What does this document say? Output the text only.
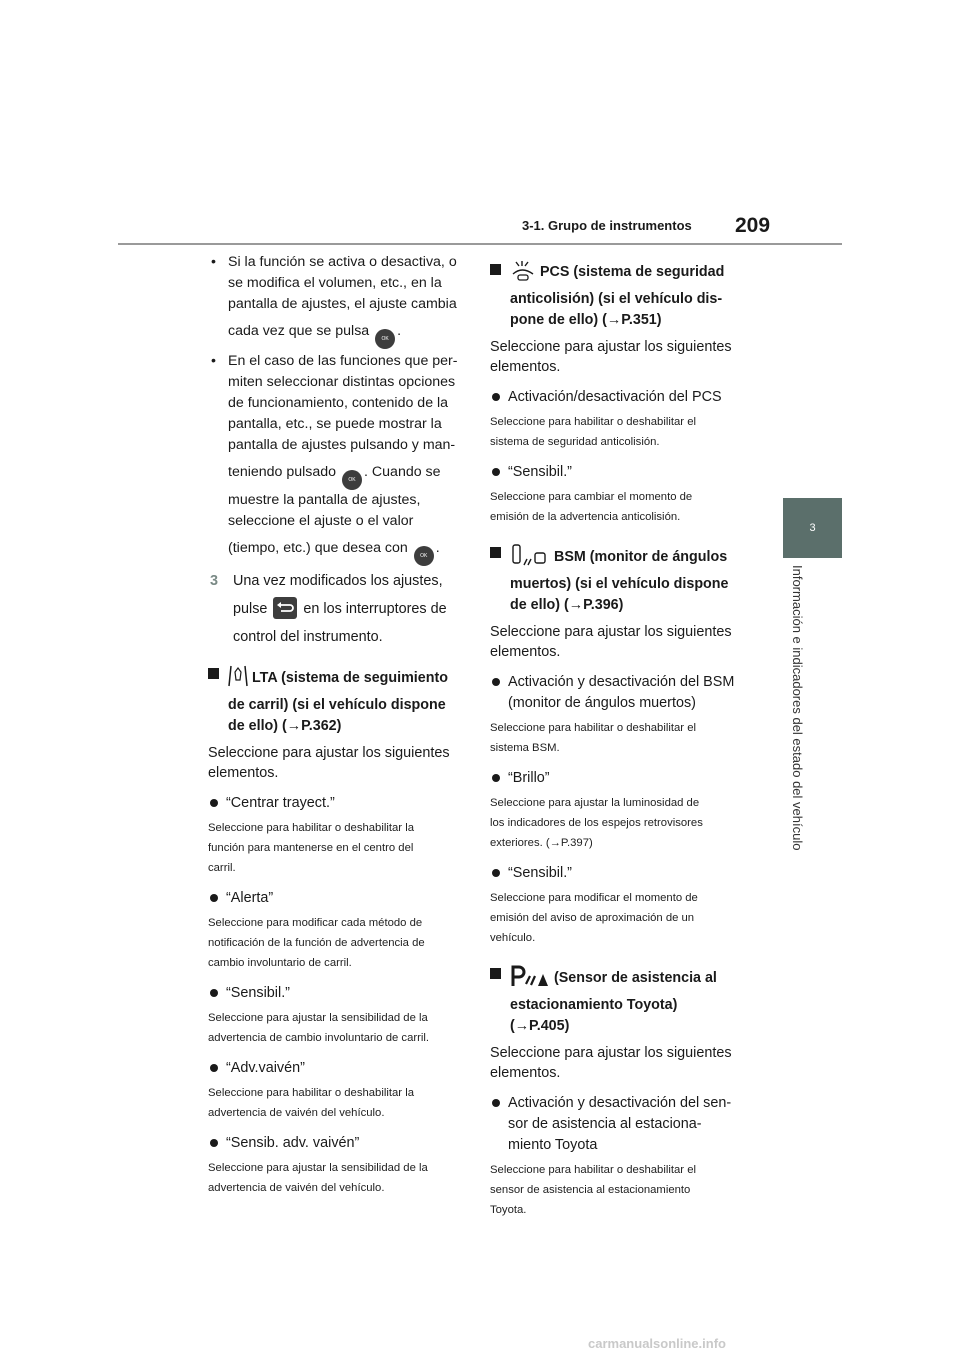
3-1. Grupo de instrumentos 209
3
Información e indicadores del estado del vehículo
• Si la función se activa o desactiva, o
se modifica el volumen, etc., en la
pantalla de ajustes, el ajuste cambia
cada vez que se pulsa OK .
• En el caso de las funciones que per-
miten seleccionar distintas opciones
de funcionamiento, contenido de la
pantalla, etc., se puede mostrar la
pantalla de ajustes pulsando y man-
teniendo pulsado OK . Cuando se
muestre la pantalla de ajustes,
seleccione el ajuste o el valor
(tiempo, etc.) que desea con OK .
3 Una vez modificados los ajustes,
pulse	en los interruptores de
control del instrumento.
LTA (sistema de seguimiento
de carril) (si el vehículo dispone
de ello) (→P.362)
Seleccione para ajustar los siguientes
elementos.
“Centrar trayect.”
Seleccione para habilitar o deshabilitar la
función para mantenerse en el centro del
carril.
“Alerta”
Seleccione para modificar cada método de
notificación de la función de advertencia de
cambio involuntario de carril.
“Sensibil.”
Seleccione para ajustar la sensibilidad de la
advertencia de cambio involuntario de carril.
“Adv.vaivén”
Seleccione para habilitar o deshabilitar la
advertencia de vaivén del vehículo.
“Sensib. adv. vaivén”
Seleccione para ajustar la sensibilidad de la
advertencia de vaivén del vehículo.
PCS (sistema de seguridad
anticolisión) (si el vehículo dis-
pone de ello) (→P.351)
Seleccione para ajustar los siguientes
elementos.
Activación/desactivación del PCS
Seleccione para habilitar o deshabilitar el
sistema de seguridad anticolisión.
“Sensibil.”
Seleccione para cambiar el momento de
emisión de la advertencia anticolisión.
BSM (monitor de ángulos
muertos) (si el vehículo dispone
de ello) (→P.396)
Seleccione para ajustar los siguientes
elementos.
Activación y desactivación del BSM
(monitor de ángulos muertos)
Seleccione para habilitar o deshabilitar el
sistema BSM.
“Brillo”
Seleccione para ajustar la luminosidad de
los indicadores de los espejos retrovisores
exteriores. (→P.397)
“Sensibil.”
Seleccione para modificar el momento de
emisión del aviso de aproximación de un
vehículo.
(Sensor de asistencia al
estacionamiento Toyota)
(→P.405)
Seleccione para ajustar los siguientes
elementos.
Activación y desactivación del sen-
sor de asistencia al estaciona-
miento Toyota
Seleccione para habilitar o deshabilitar el
sensor de asistencia al estacionamiento
Toyota.
carmanualsonline.info
